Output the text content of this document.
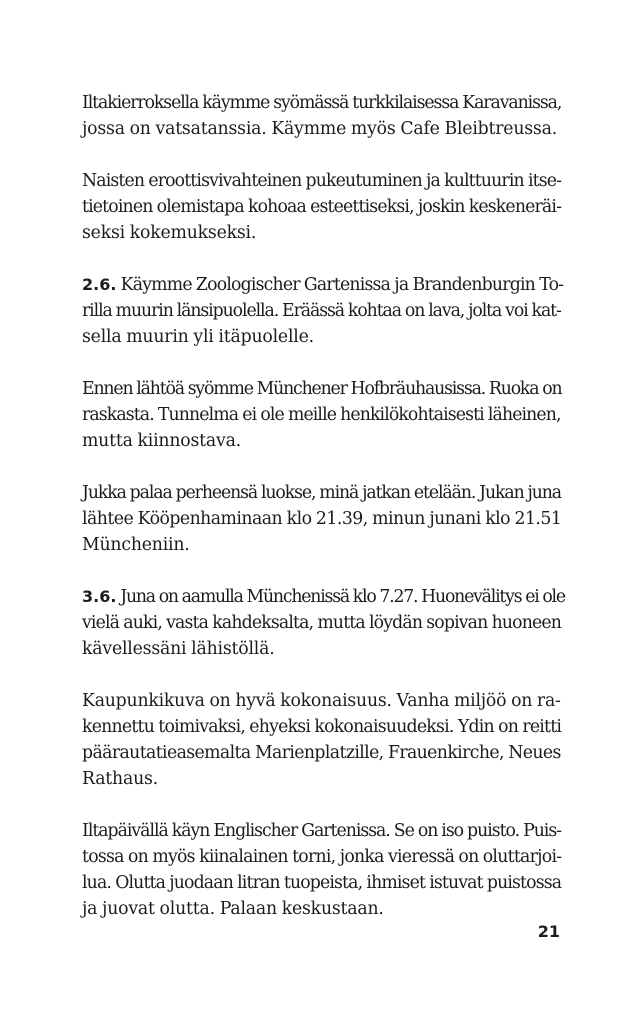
Iltakierroksella käymme syömässä turkkilaisessa Karavanissa,
jossa on vatsatanssia. Käymme myös Cafe Bleibtreussa.
Naisten eroottisvivahteinen pukeutuminen ja kulttuurin itse-
tietoinen olemistapa kohoaa esteettiseksi, joskin keskeneräi-
seksi kokemukseksi.
2.6. Käymme Zoologischer Gartenissa ja Brandenburgin To-
rilla muurin länsipuolella. Eräässä kohtaa on lava, jolta voi kat-
sella muurin yli itäpuolelle.
Ennen lähtöä syömme Münchener Hofbräuhausissa. Ruoka on
raskasta. Tunnelma ei ole meille henkilökohtaisesti läheinen,
mutta kiinnostava.
Jukka palaa perheensä luokse, minä jatkan etelään. Jukan juna
lähtee Kööpenhaminaan klo 21.39, minun junani klo 21.51
Müncheniin.
3.6. Juna on aamulla Münchenissä klo 7.27. Huonevälitys ei ole
vielä auki, vasta kahdeksalta, mutta löydän sopivan huoneen
kävellessäni lähistöllä.
Kaupunkikuva on hyvä kokonaisuus. Vanha miljöö on ra-
kennettu toimivaksi, ehyeksi kokonaisuudeksi. Ydin on reitti
päärautatieasemalta Marienplatzille, Frauenkirche, Neues
Rathaus.
Iltapäivällä käyn Englischer Gartenissa. Se on iso puisto. Puis-
tossa on myös kiinalainen torni, jonka vieressä on oluttarjoi-
lua. Olutta juodaan litran tuopeista, ihmiset istuvat puistossa
ja juovat olutta. Palaan keskustaan.
21
